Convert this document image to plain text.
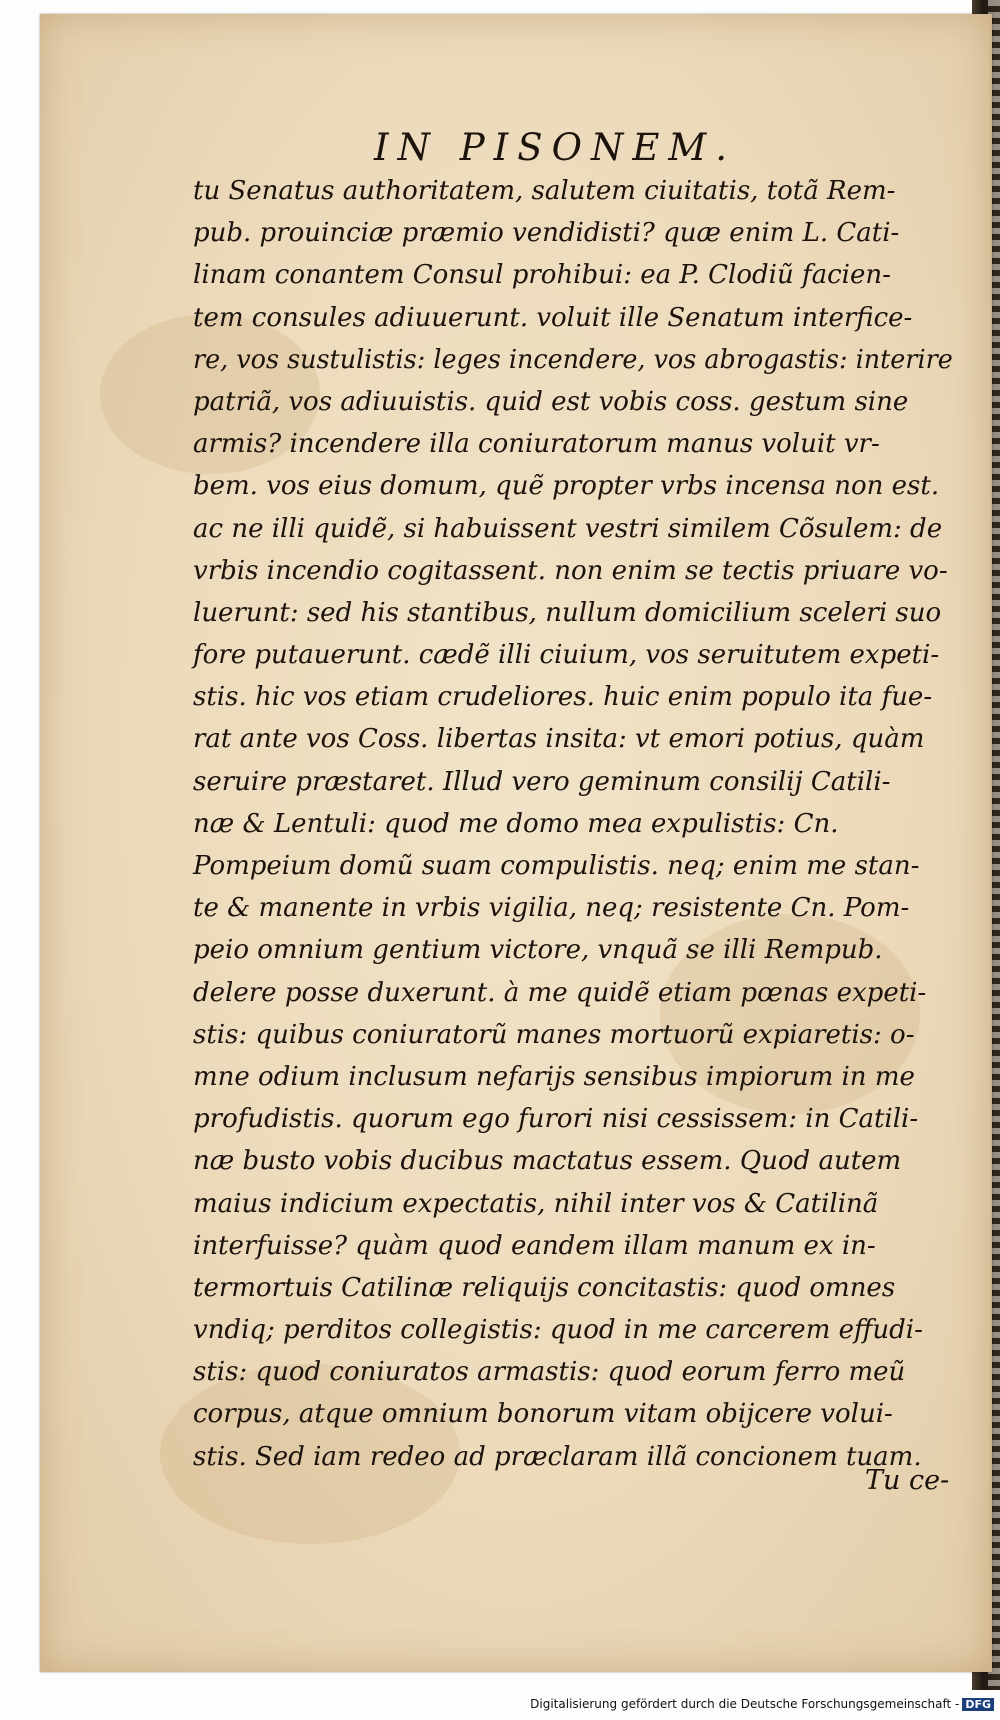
IN PISONEM.
tu Senatus authoritatem, salutem ciuitatis, totã Rem-
pub. prouinciæ præmio vendidisti? quæ enim L. Cati-
linam conantem Consul prohibui: ea P. Clodiũ facien-
tem consules adiuuerunt. voluit ille Senatum interfice-
re, vos sustulistis: leges incendere, vos abrogastis: interire
patriã, vos adiuuistis. quid est vobis coss. gestum sine
armis? incendere illa coniuratorum manus voluit vr-
bem. vos eius domum, quẽ propter vrbs incensa non est.
ac ne illi quidẽ, si habuissent vestri similem Cõsulem: de
vrbis incendio cogitassent. non enim se tectis priuare vo-
luerunt: sed his stantibus, nullum domicilium sceleri suo
fore putauerunt. cædẽ illi ciuium, vos seruitutem expeti-
stis. hic vos etiam crudeliores. huic enim populo ita fue-
rat ante vos Coss. libertas insita: vt emori potius, quàm
seruire præstaret. Illud vero geminum consilij Catili-
næ & Lentuli: quod me domo mea expulistis: Cn.
Pompeium domũ suam compulistis. neq; enim me stan-
te & manente in vrbis vigilia, neq; resistente Cn. Pom-
peio omnium gentium victore, vnquã se illi Rempub.
delere posse duxerunt. à me quidẽ etiam pœnas expeti-
stis: quibus coniuratorũ manes mortuorũ expiaretis: o-
mne odium inclusum nefarijs sensibus impiorum in me
profudistis. quorum ego furori nisi cessissem: in Catili-
næ busto vobis ducibus mactatus essem. Quod autem
maius indicium expectatis, nihil inter vos & Catilinã
interfuisse? quàm quod eandem illam manum ex in-
termortuis Catilinæ reliquijs concitastis: quod omnes
vndiq; perditos collegistis: quod in me carcerem effudi-
stis: quod coniuratos armastis: quod eorum ferro meũ
corpus, atque omnium bonorum vitam obijcere volui-
stis. Sed iam redeo ad præclaram illã concionem tuam.
Tu ce-
Digitalisierung gefördert durch die Deutsche Forschungsgemeinschaft - DFG
